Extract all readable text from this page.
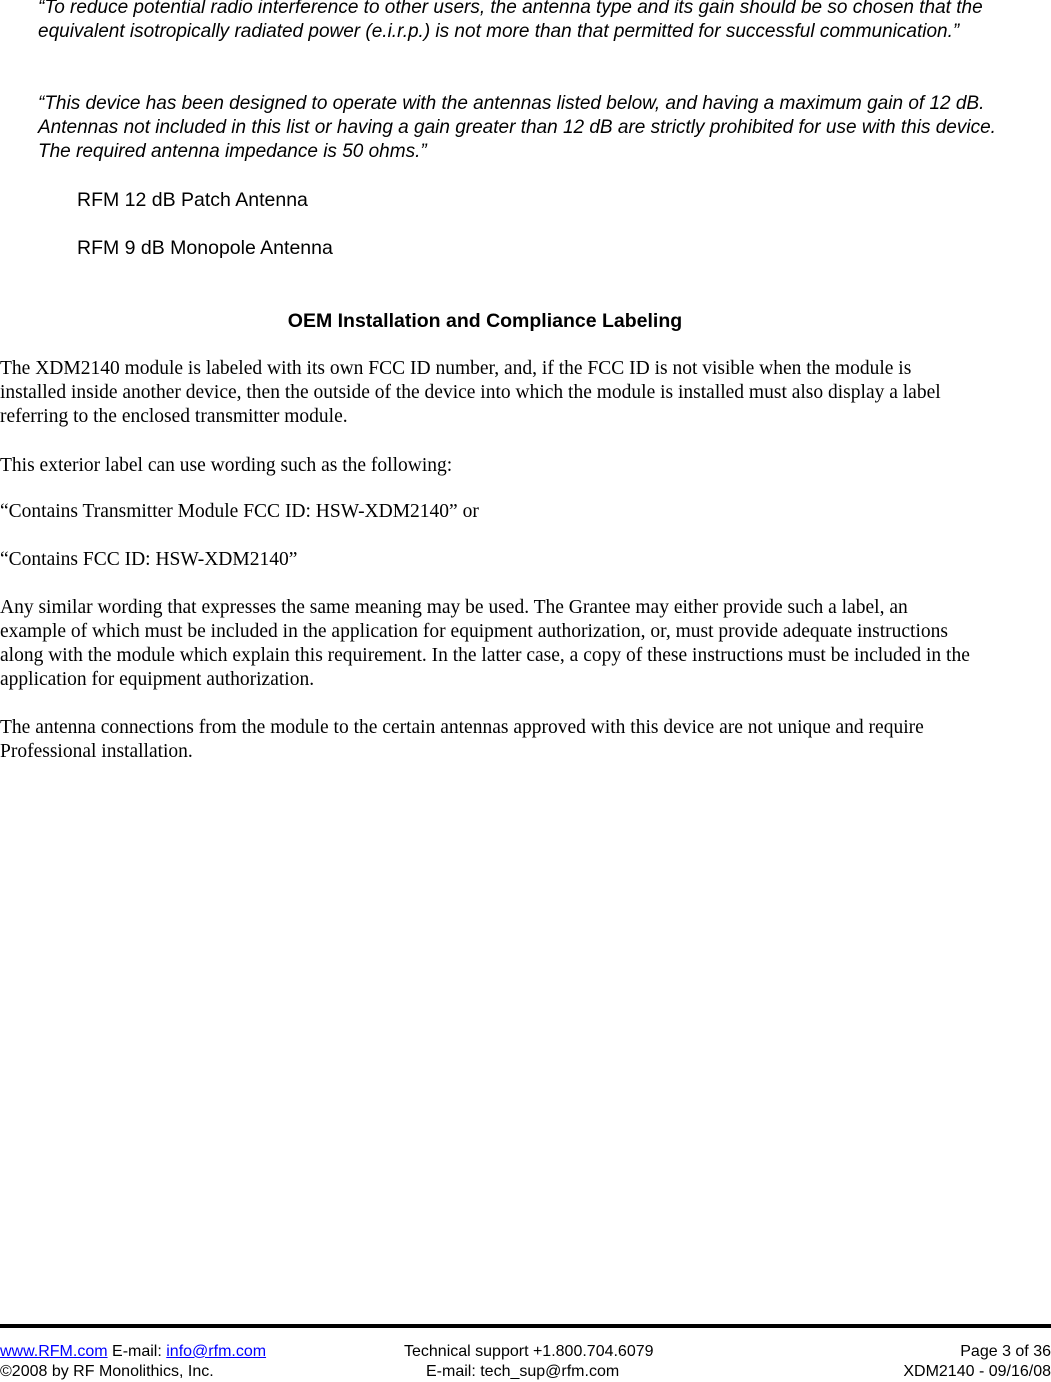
“To reduce potential radio interference to other users, the antenna type and its gain should be so chosen that the equivalent isotropically radiated power (e.i.r.p.) is not more than that permitted for successful communication.”

“This device has been designed to operate with the antennas listed below, and having a maximum gain of 12 dB. Antennas not included in this list or having a gain greater than 12 dB are strictly prohibited for use with this device. The required antenna impedance is 50 ohms.”

RFM 12 dB Patch Antenna

RFM 9 dB Monopole Antenna

OEM Installation and Compliance Labeling

The XDM2140 module is labeled with its own FCC ID number, and, if the FCC ID is not visible when the module is installed inside another device, then the outside of the device into which the module is installed must also display a label referring to the enclosed transmitter module.

This exterior label can use wording such as the following:

“Contains Transmitter Module FCC ID: HSW-XDM2140” or

“Contains FCC ID: HSW-XDM2140”

Any similar wording that expresses the same meaning may be used. The Grantee may either provide such a label, an example of which must be included in the application for equipment authorization, or, must provide adequate instructions along with the module which explain this requirement. In the latter case, a copy of these instructions must be included in the application for equipment authorization.

The antenna connections from the module to the certain antennas approved with this device are not unique and require Professional installation.

www.RFM.com E-mail: info@rfm.com	Technical support +1.800.704.6079	Page 3 of 36
©2008 by RF Monolithics, Inc.	E-mail: tech_sup@rfm.com	XDM2140 - 09/16/08
